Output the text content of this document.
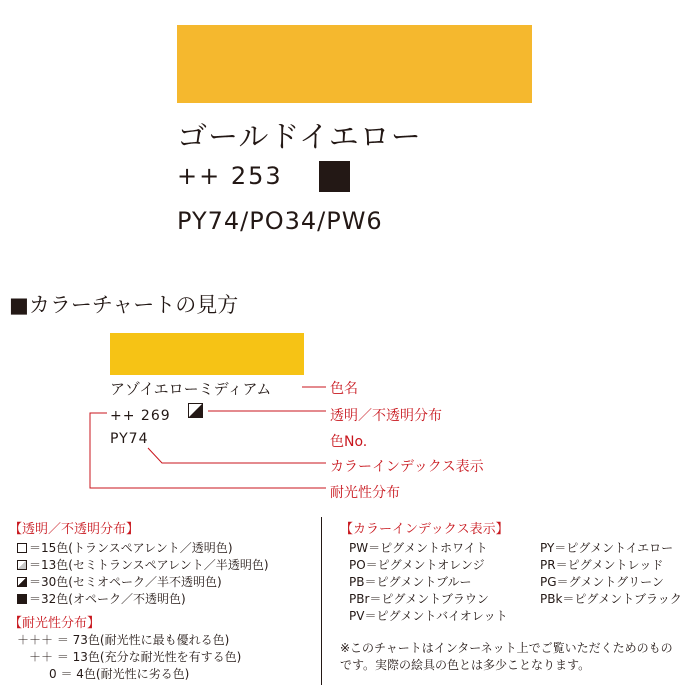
ゴールドイエロー
++ 253
PY74/PO34/PW6
■カラーチャートの見方
アゾイエローミディアム
++ 269
PY74
色名
透明／不透明分布
色No.
カラーインデックス表示
耐光性分布
【透明／不透明分布】
＝15色(トランスペアレント／透明色)
＝13色(セミトランスペアレント／半透明色)
＝30色(セミオペーク／半不透明色)
＝32色(オペーク／不透明色)
【耐光性分布】
＋＋＋ ＝ 73色(耐光性に最も優れる色)
＋＋ ＝ 13色(充分な耐光性を有する色)
0 ＝ 4色(耐光性に劣る色)
【カラーインデックス表示】
PW＝ピグメントホワイト
PO＝ピグメントオレンジ
PB＝ピグメントブルー
PBr＝ピグメントブラウン
PV＝ピグメントバイオレット
PY＝ピグメントイエロー
PR＝ピグメントレッド
PG＝グメントグリーン
PBk＝ピグメントブラック
※このチャートはインターネット上でご覧いただくためのもの
です。実際の絵具の色とは多少ことなります。
